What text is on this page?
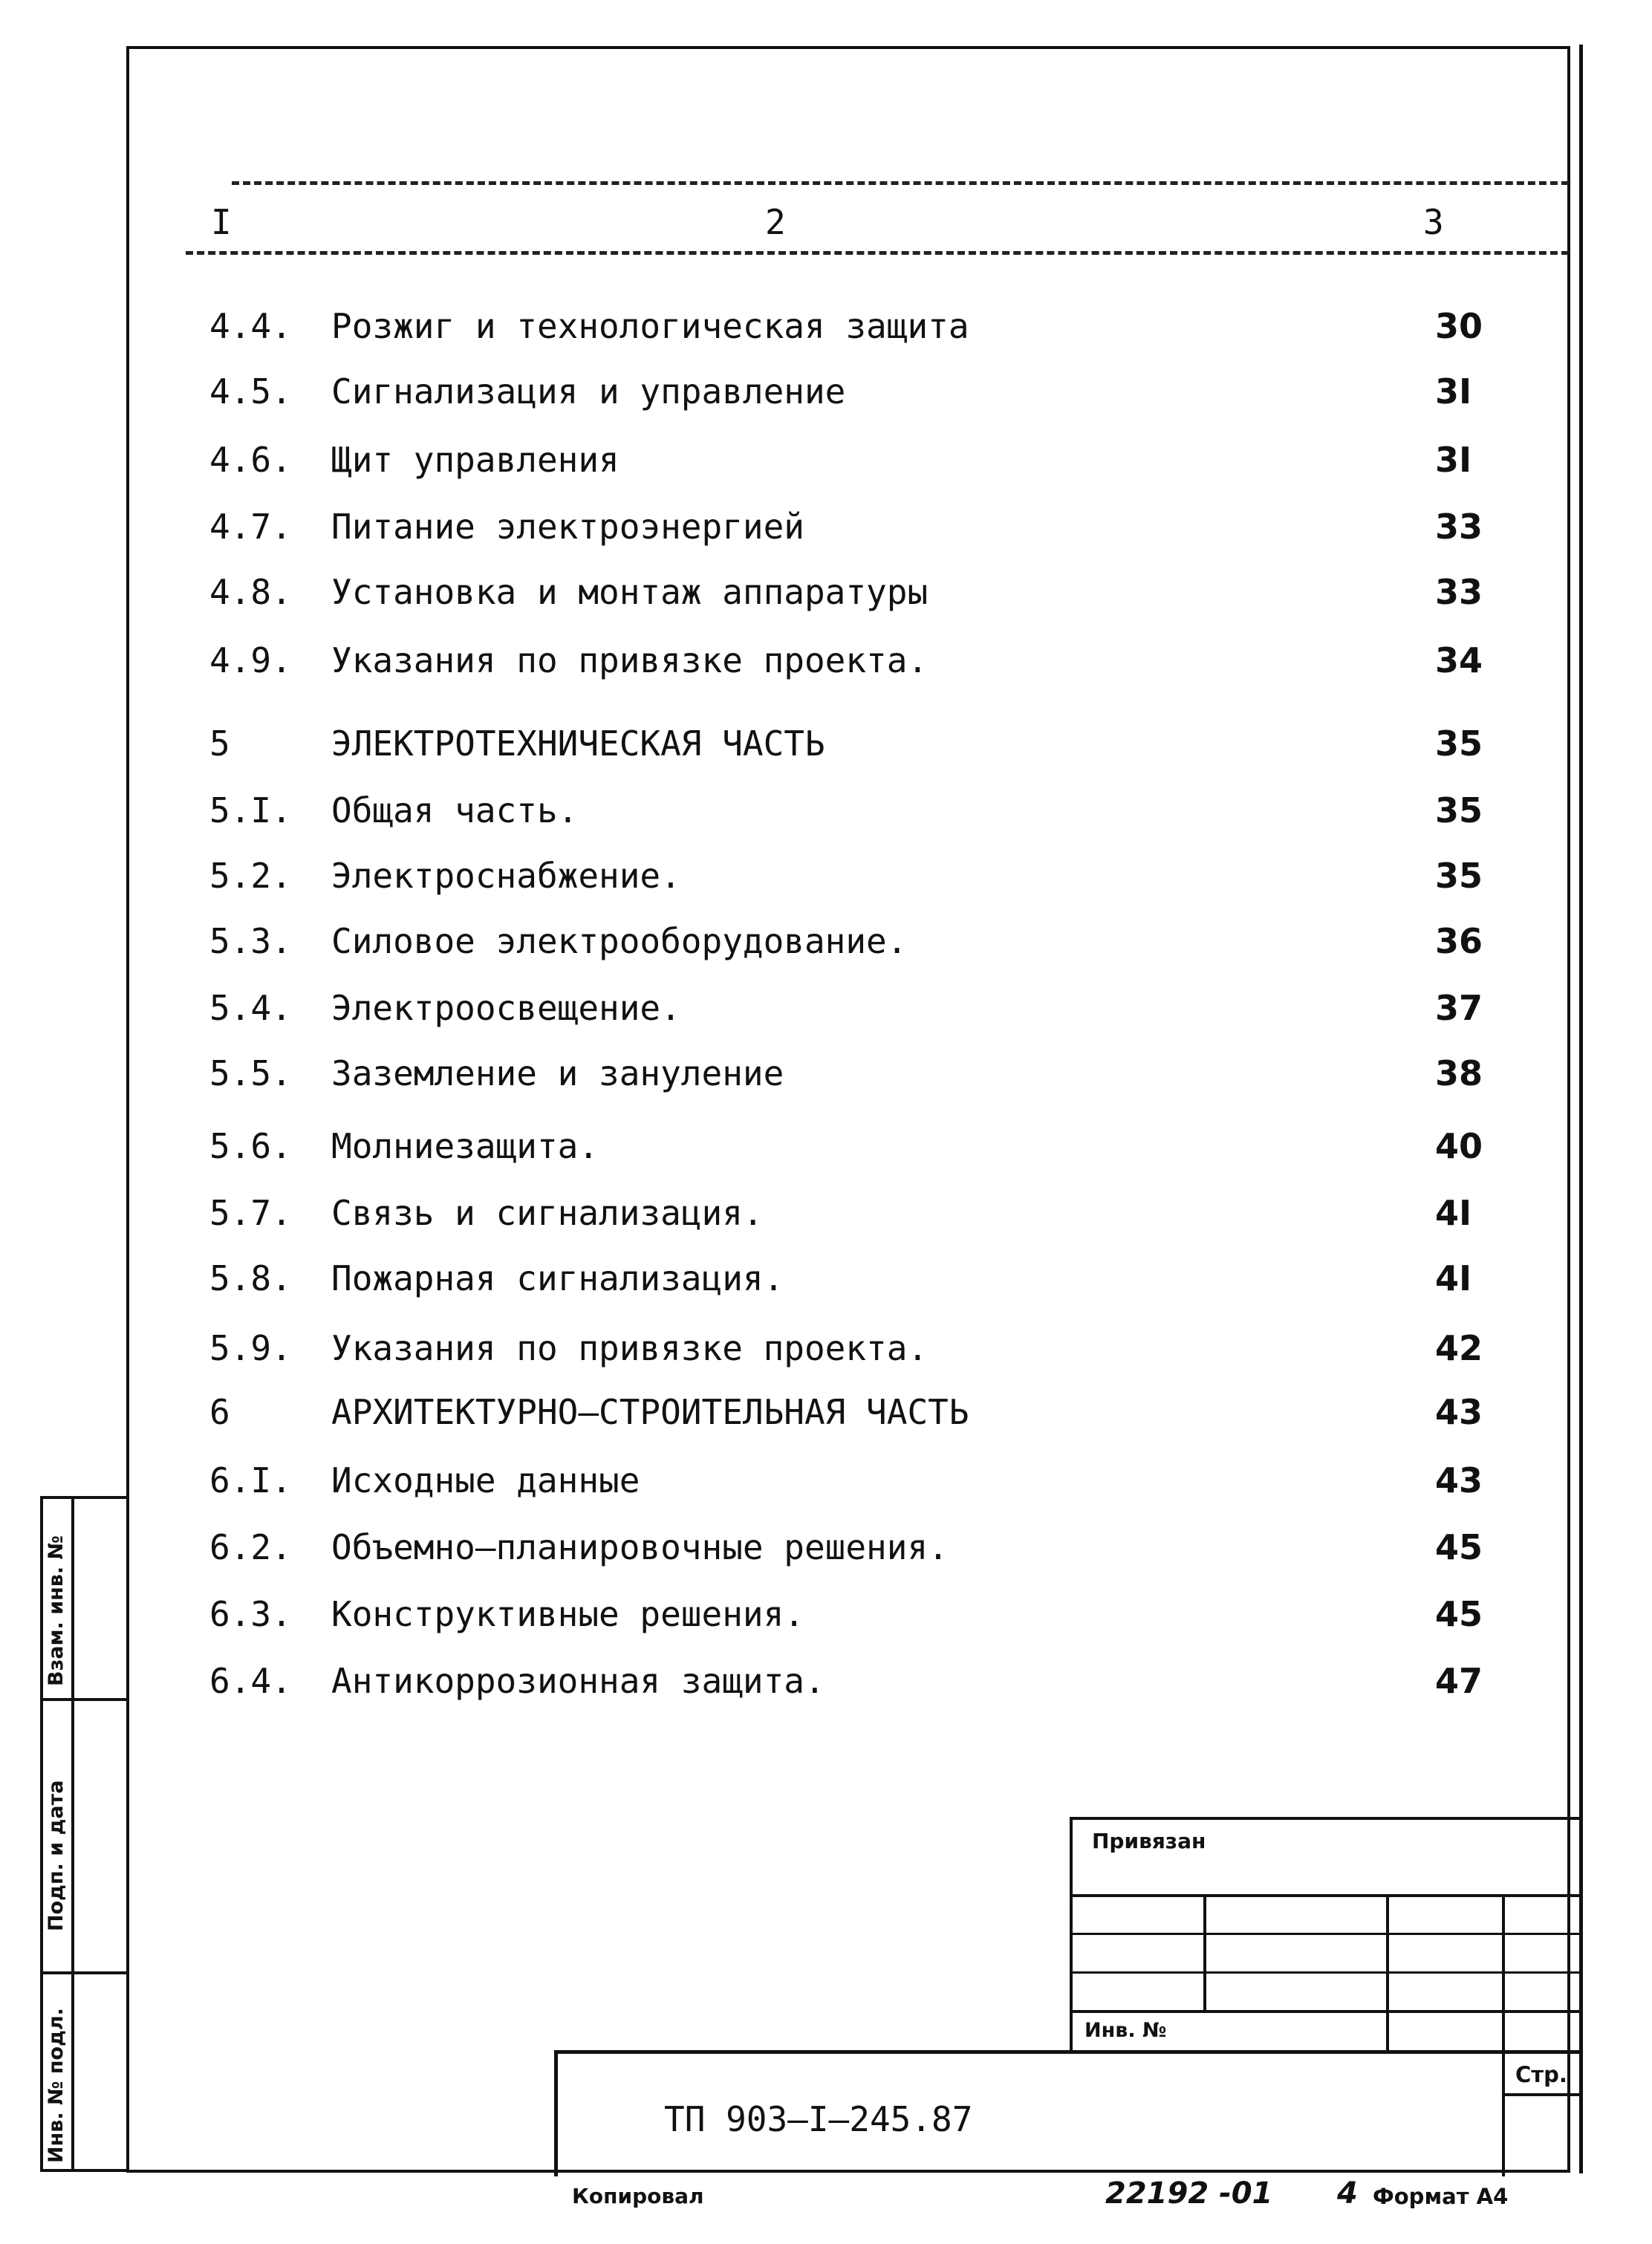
I	2	3
4.4. Розжиг и технологическая защита	30
4.5. Сигнализация и управление	3I
4.6. Щит управления	3I
4.7. Питание электроэнергией	33
4.8. Установка и монтаж аппаратуры	33
4.9. Указания по привязке проекта.	34
5	ЭЛЕКТРОТЕХНИЧЕСКАЯ ЧАСТЬ	35
5.I. Общая часть.	35
5.2. Электроснабжение.	35
5.3. Силовое электрооборудование.	36
5.4. Электроосвещение.	37
5.5. Заземление и зануление	38
5.6. Молниезащита.	40
5.7. Связь и сигнализация.	4I
5.8. Пожарная сигнализация.	4I
5.9. Указания по привязке проекта.	42
6	АРХИТЕКТУРНО–СТРОИТЕЛЬНАЯ ЧАСТЬ	43
6.I. Исходные данные	43
6.2. Объемно–планировочные решения.	45
6.3. Конструктивные решения.	45
6.4. Антикоррозионная защита.	47
Взам. инв. №
Подп. и дата
Инв. № подл.
Привязан
Инв. №
ТП 903–I–245.87
Стр.
Копировал	22192 -01 4 Формат А4
